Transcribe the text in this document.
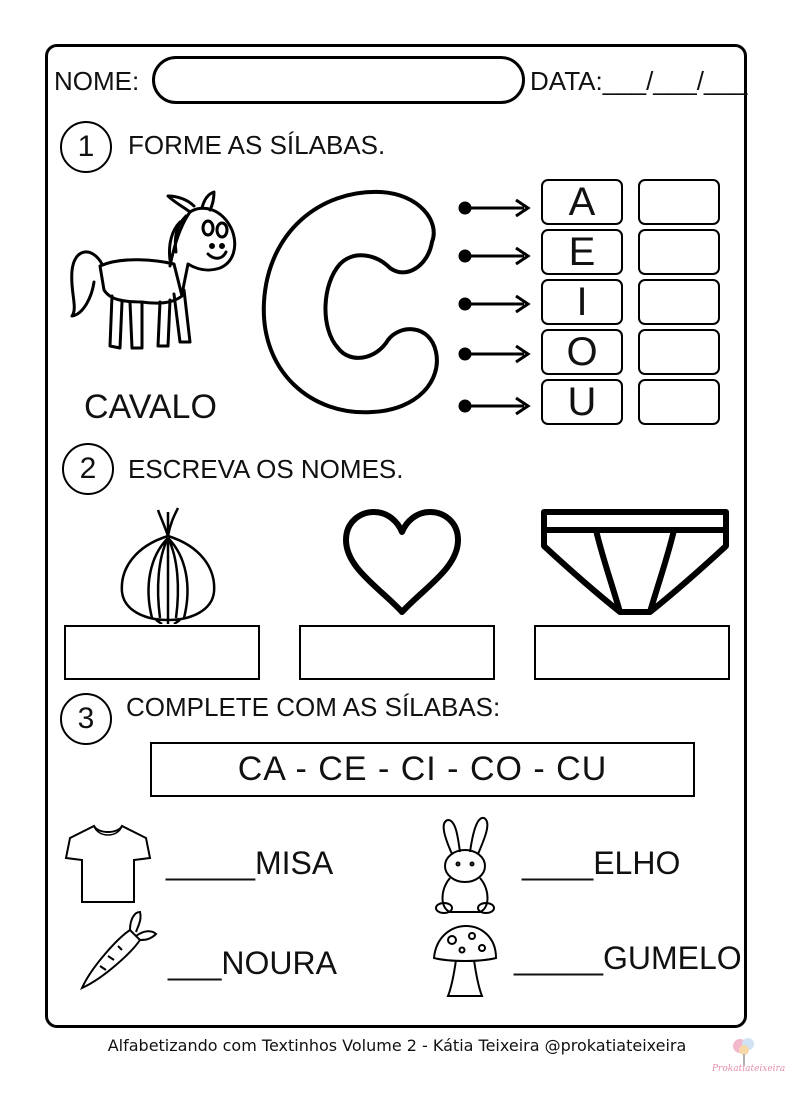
NOME:	DATA:___/___/___
1	FORME AS SÍLABAS.
CAVALO
A
E
I
O
U
2	ESCREVA OS NOMES.
3	COMPLETE COM AS SÍLABAS:
CA - CE - CI - CO - CU
_____MISA	____ELHO
___NOURA	_____GUMELO
Alfabetizando com Textinhos Volume 2 - Kátia Teixeira @prokatiateixeira
Prokatiateixeira
